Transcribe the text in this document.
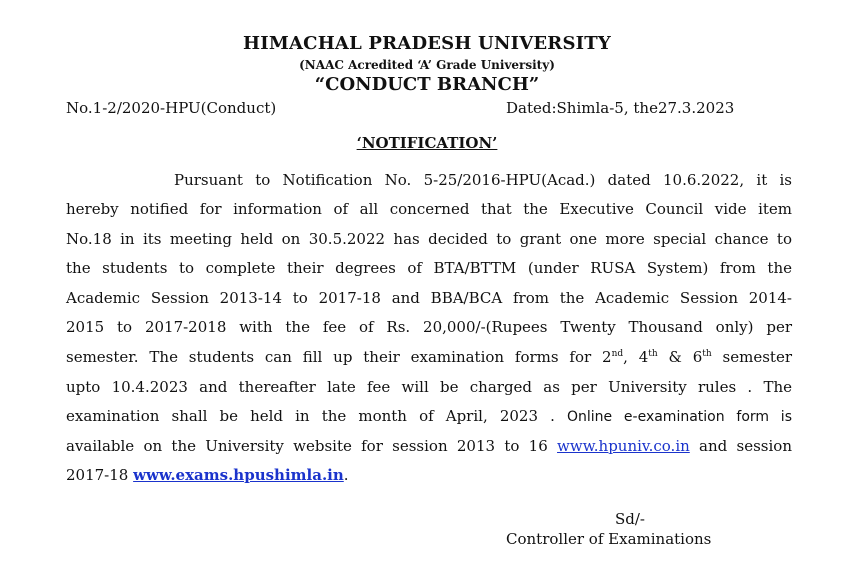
HIMACHAL PRADESH UNIVERSITY
(NAAC Acredited ‘A’ Grade University)
“CONDUCT BRANCH”
No.1-2/2020-HPU(Conduct)	Dated:Shimla-5, the27.3.2023
‘NOTIFICATION’
Pursuant to Notification No. 5-25/2016-HPU(Acad.) dated 10.6.2022, it is
hereby notified for information of all concerned that the Executive Council vide item
No.18 in its meeting held on 30.5.2022 has decided to grant one more special chance to
the students to complete their degrees of BTA/BTTM (under RUSA System) from the
Academic Session 2013-14 to 2017-18 and BBA/BCA from the Academic Session 2014-
2015 to 2017-2018 with the fee of Rs. 20,000/-(Rupees Twenty Thousand only) per
semester. The students can fill up their examination forms for 2nd, 4th & 6th semester
upto 10.4.2023 and thereafter late fee will be charged as per University rules . The
examination shall be held in the month of April, 2023 . Online e-examination form is
available on the University website for session 2013 to 16 www.hpuniv.co.in and session
2017-18 www.exams.hpushimla.in.
Sd/-
Controller of Examinations
